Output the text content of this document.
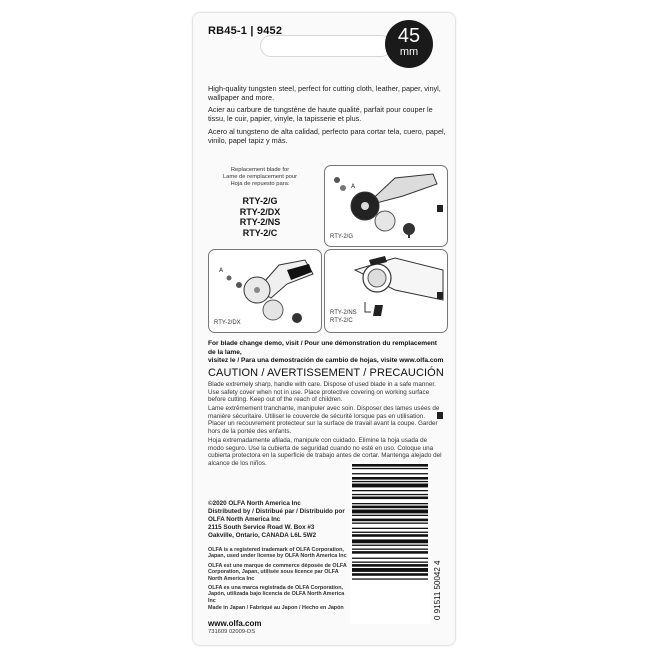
RB45-1 | 9452	45
mm
High-quality tungsten steel, perfect for cutting cloth, leather, paper, vinyl, wallpaper and more.
Acier au carbure de tungstène de haute qualité, parfait pour couper le tissu, le cuir, papier, vinyle, la tapisserie et plus.
Acero al tungsteno de alta calidad, perfecto para cortar tela, cuero, papel, vinilo, papel tapiz y más.
Replacement blade for
Lame de remplacement pour
Hoja de repuesto para:
RTY-2/G
RTY-2/DX
RTY-2/NS
RTY-2/C
A
RTY-2/G
A
RTY-2/DX
RTY-2/NS
RTY-2/C
For blade change demo, visit / Pour une démonstration du remplacement de la lame,
visitez le / Para una demostración de cambio de hojas, visite www.olfa.com
CAUTION / AVERTISSEMENT / PRECAUCIÓN
Blade extremely sharp, handle with care. Dispose of used blade in a safe manner. Use safety cover when not in use. Place protective covering on working surface before cutting. Keep out of the reach of children.
Lame extrêmement tranchante, manipuler avec soin. Disposer des lames usées de manière sécuritaire. Utiliser le couvercle de sécurité lorsque pas en utilisation. Placer un recouvrement protecteur sur la surface de travail avant la coupe. Garder hors de la portée des enfants.
Hoja extremadamente afilada, manipule con cuidado. Elimine la hoja usada de modo seguro. Use la cubierta de seguridad cuando no esté en uso. Coloque una cubierta protectora en la superficie de trabajo antes de cortar. Mantenga alejado del alcance de los niños.
0 91511 50042 4
©2020 OLFA North America Inc
Distributed by / Distribué par / Distribuido por
OLFA North America Inc
2115 South Service Road W. Box #3
Oakville, Ontario, CANADA L6L 5W2
OLFA is a registered trademark of OLFA Corporation, Japan, used under license by OLFA North America Inc
OLFA est une marque de commerce déposée de OLFA Corporation, Japan, utilisée sous licence par OLFA North America Inc
OLFA es una marca registrada de OLFA Corporation, Japón, utilizada bajo licencia de OLFA North America Inc
Made in Japan / Fabriqué au Japon / Hecho en Japón
www.olfa.com
731609 02009-DS
